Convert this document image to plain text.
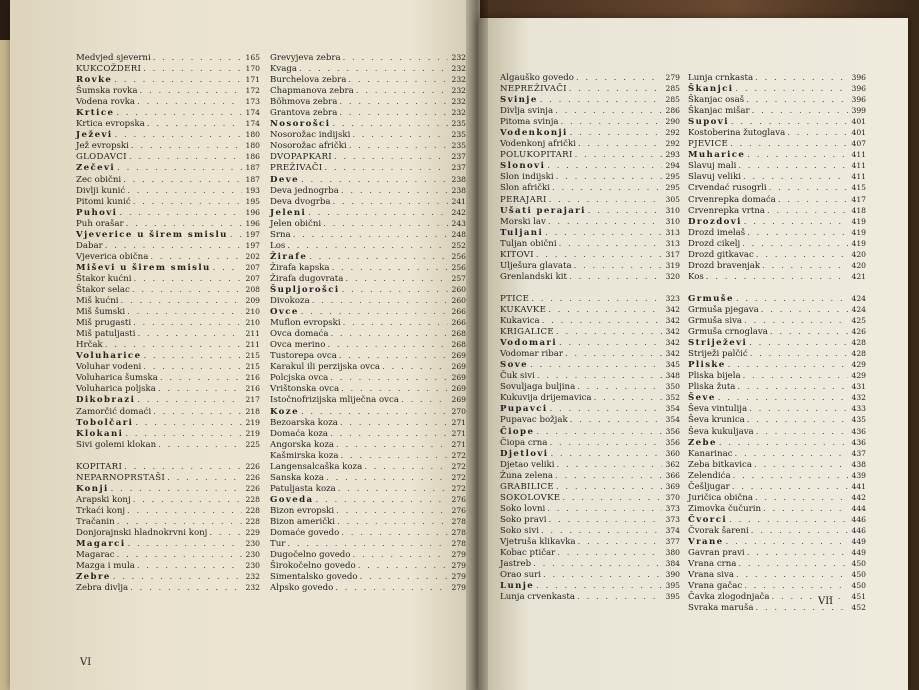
Medvjed sjeverni . . .	165
KUKCOŽDERI . . .	170
Rovke . . .	171
Šumska rovka . . .	172
Vodena rovka . . .	173
Krtice . . .	174
Krtica evropska . . .	174
Ježevi . . .	180
Jež evropski . . .	180
GLODAVCI . . .	186
Zečevi . . .	187
Zec obični . . .	187
Divlji kunić . . .	193
Pitomi kunić . . .	195
Puhovi . . .	196
Puh orašar . . .	196
Vjeverice u širem smislu . . . 197
Dabar . . .	197
Vjeverica obična . . .	202
Miševi u širem smislu . . .	207
Štakor kućni . . .	207
Štakor selac . . .	208
Miš kućni . . .	209
Miš šumski . . .	210
Miš prugasti . . .	210
Miš patuljasti . . .	211
Hrčak . . .	211
Voluharice . . .	215
Voluhar vodeni . . .	215
Voluharica šumska . . .	216
Voluharica poljska . . .	216
Dikobrazi . . .	217
Zamorčić domaći . . .	218
Tobolčari . . .	219
Klokani . . .	219
Sivi golemi klokan . . .	225
KOPITARI . . .	226
NEPARNOPRSTAŠI . . .	226
Konji . . .	226
Arapski konj . . .	228
Trkaći konj . . .	228
Tračanin . . .	228
Donjorajnski hladnokrvni konj . . .	229
Magarci . . .	230
Magarac . . .	230
Mazga i mula . . .	230
Zebre . . .	232
Zebra divlja . . .	232
Grevyjeva zebra . . .	232
Kvaga . . .	232
Burchelova zebra . . .	232
Chapmanova zebra . . .	232
Böhmova zebra . . .	232
Grantova zebra . . .	232
Nosorošci . . .	235
Nosorožac indijski . . .	235
Nosorožac afrički . . .	235
DVOPAPKARI . . .	237
PREŽIVAČI . . .	237
Deve . . .	238
Deva jednogrba . . .	238
Deva dvogrba . . .	241
Jeleni . . .	242
Jelen obični . . .	243
Srna . . .	248
Los . . .	252
Žirafe . . .	256
Žirafa kapska . . .	256
Žirafa dugovrata . . .	257
Šupljorošci . . .	260
Divokoza . . .	260
Ovce . . .	266
Muflon evropski . . .	266
Ovca domaća . . .	268
Ovca merino . . .	268
Tustorepa ovca . . .	269
Karakul ili perzijska ovca . . .	269
Polcjska ovca . . .	269
Vrištonska ovca . . .	269
Istočnofrizijska mliječna ovca . . .	269
Koze . . .	270
Bezoarska koza . . .	271
Domaća koza . . .	271
Angorska koza . . .	271
Kašmirska koza . . .	272
Langensalcaška koza . . .	272
Sanska koza . . .	272
Patuljasta koza . . .	272
Goveda . . .	276
Bizon evropski . . .	276
Bizon američki . . .	278
Domaće govedo . . .	278
Tur . . .	278
Dugočelno govedo . . .	279
Širokočelno govedo . . .	279
Simentalsko govedo . . .	279
Alpsko govedo . . .	279
VI
Algauško govedo . . .	279
NEPREŽIVAČI . . .	285
Svinje . . .	285
Divlja svinja . . .	286
Pitoma svinja . . .	290
Vodenkonji . . .	292
Vodenkonj afrički . . .	292
POLUKOPITARI . . .	293
Slonovi . . .	294
Slon indijski . . .	295
Slon afrički . . .	295
PERAJARI . . .	305
Ušati perajari . . .	310
Morski lav . . .	310
Tuljani . . .	313
Tuljan obični . . .	313
KITOVI . . .	317
Ulješura glavata . . .	319
Grenlandski kit . . .	320
PTICE . . .	323
KUKAVKE . . .	342
Kukavica . . .	342
KRIGALICE . . .	342
Vodomari . . .	342
Vodomar ribar . . .	342
Sove . . .	345
Čuk sivi . . .	348
Sovuljaga buljina . . .	350
Kukuvija drijemavica . . .	352
Pupavci . . .	354
Pupavac božjak . . .	354
Čiope . . .	356
Čiopa crna . . .	356
Djetlovi . . .	360
Djetao veliki . . .	362
Žuna zelena . . .	366
GRABILICE . . .	369
SOKOLOVKE . . .	370
Soko lovni . . .	373
Soko pravi . . .	373
Soko sivi . . .	374
Vjetruša klikavka . . .	377
Kobac ptičar . . .	380
Jastreb . . .	384
Orao suri . . .	390
Lunje . . .	395
Lunja crvenkasta . . .	395
Lunja crnkasta . . .	396
Škanjci . . .	396
Škanjac osaš . . .	396
Škanjac mišar . . .	399
Supovi . . .	401
Kostoberina žutoglava . . .	401
PJEVICE . . .	407
Muharice . . .	411
Slavuj mali . . .	411
Slavuj veliki . . .	411
Crvendać rusogrli . . .	415
Crvenrepka domaća . . .	417
Crvenrepka vrtna . . .	418
Drozdovi . . .	419
Drozd imelaš . . .	419
Drozd cikelj . . .	419
Drozd gitkavac . . .	420
Drozd bravenjak . . .	420
Kos . . .	421
Grmuše . . .	424
Grmuša pjegava . . .	424
Grmuša siva . . .	425
Grmuša crnoglava . . .	426
Striježevi . . .	428
Striježi palčić . . .	428
Pliske . . .	429
Pliska bijela . . .	429
Pliska žuta . . .	431
Ševe . . .	432
Ševa vintulija . . .	433
Ševa krunica . . .	435
Ševa kukuljava . . .	436
Zebe . . .	436
Kanarinac . . .	437
Zeba bitkavica . . .	438
Zelendića . . .	439
Češljugar . . .	441
Juričica obična . . .	442
Zimovka čučurin . . .	444
Čvorci . . .	446
Čvorak šareni . . .	446
Vrane . . .	449
Gavran pravi . . .	449
Vrana crna . . .	450
Vrana siva . . .	450
Vrana gačac . . .	450
Čavka zlogodnjača . . .	451
Svraka maruša . . .	452
VII
